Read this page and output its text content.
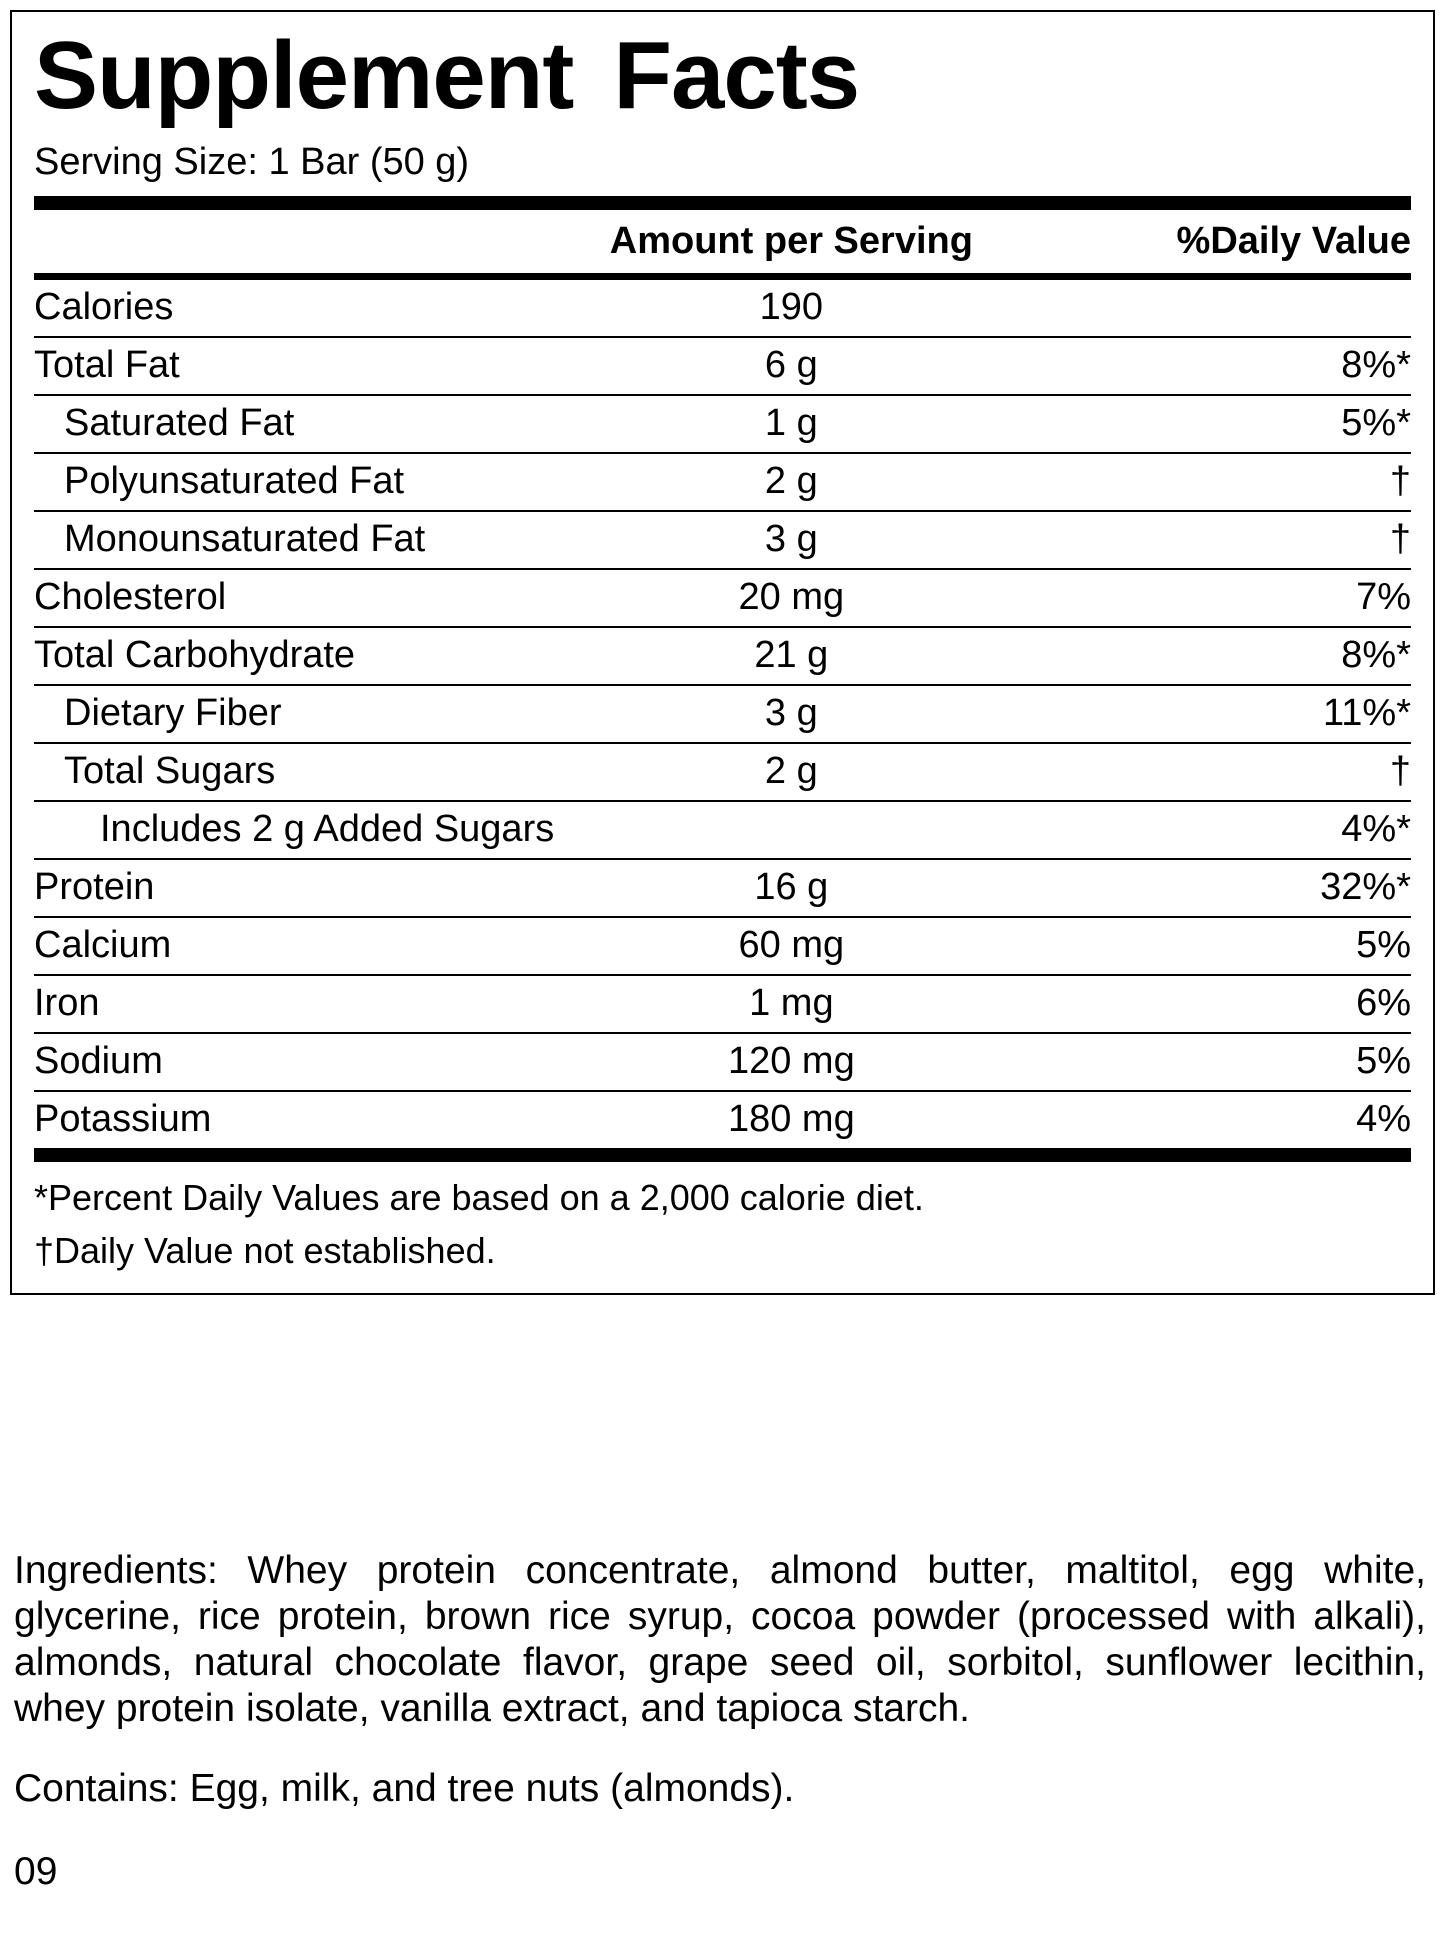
Supplement Facts
Serving Size: 1 Bar (50 g)
Amount per Serving	%Daily Value
Calories	190	
Total Fat	6 g	8%*
Saturated Fat	1 g	5%*
Polyunsaturated Fat	2 g	†
Monounsaturated Fat	3 g	†
Cholesterol	20 mg	7%
Total Carbohydrate	21 g	8%*
Dietary Fiber	3 g	11%*
Total Sugars	2 g	†
Includes 2 g Added Sugars		4%*
Protein	16 g	32%*
Calcium	60 mg	5%
Iron	1 mg	6%
Sodium	120 mg	5%
Potassium	180 mg	4%
*Percent Daily Values are based on a 2,000 calorie diet.
†Daily Value not established.
Ingredients: Whey protein concentrate, almond butter, maltitol, egg white, glycerine, rice protein, brown rice syrup, cocoa powder (processed with alkali), almonds, natural chocolate flavor, grape seed oil, sorbitol, sunflower lecithin, whey protein isolate, vanilla extract, and tapioca starch.
Contains: Egg, milk, and tree nuts (almonds).
09
